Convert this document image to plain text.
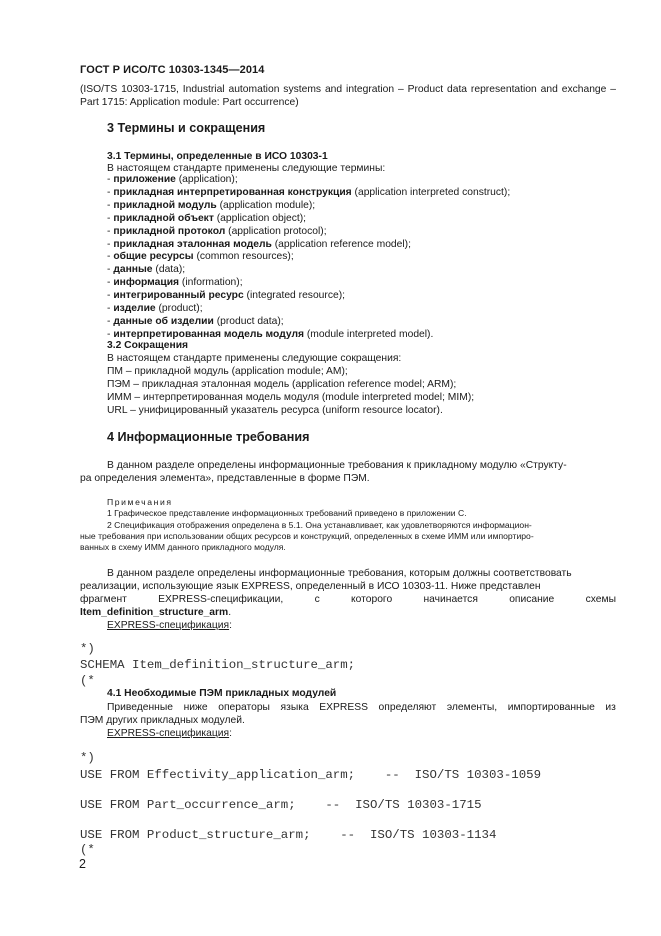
ГОСТ Р ИСО/ТС 10303-1345—2014
(ISO/TS 10303-1715, Industrial automation systems and integration – Product data representation and exchange – Part 1715: Application module: Part occurrence)
3 Термины и сокращения
3.1 Термины, определенные в ИСО 10303-1
В настоящем стандарте применены следующие термины:
- приложение (application);
- прикладная интерпретированная конструкция (application interpreted construct);
- прикладной модуль (application module);
- прикладной объект (application object);
- прикладной протокол (application protocol);
- прикладная эталонная модель (application reference model);
- общие ресурсы (common resources);
- данные (data);
- информация (information);
- интегрированный ресурс (integrated resource);
- изделие (product);
- данные об изделии (product data);
- интерпретированная модель модуля (module interpreted model).
3.2 Сокращения
В настоящем стандарте применены следующие сокращения:
ПМ – прикладной модуль (application module; AM);
ПЭМ – прикладная эталонная модель (application reference model; ARM);
ИММ – интерпретированная модель модуля (module interpreted model; MIM);
URL – унифицированный указатель ресурса (uniform resource locator).
4 Информационные требования
В данном разделе определены информационные требования к прикладному модулю «Структу-
ра определения элемента», представленные в форме ПЭМ.
Примечания
1 Графическое представление информационных требований приведено в приложении С.
2 Спецификация отображения определена в 5.1. Она устанавливает, как удовлетворяются информацион-
ные требования при использовании общих ресурсов и конструкций, определенных в схеме ИММ или импортиро-
ванных в схему ИММ данного прикладного модуля.
В данном разделе определены информационные требования, которым должны соответствовать
реализации, использующие язык EXPRESS, определенный в ИСО 10303-11. Ниже представлен
фрагмент	EXPRESS-спецификации,	с	которого	начинается	описание	схемы
Item_definition_structure_arm.
EXPRESS-спецификация:
*)
SCHEMA Item_definition_structure_arm;
(*
4.1 Необходимые ПЭМ прикладных модулей
Приведенные ниже операторы языка EXPRESS определяют элементы, импортированные из
ПЭМ других прикладных модулей.
EXPRESS-спецификация:
*)
USE FROM Effectivity_application_arm;    --  ISO/TS 10303-1059
USE FROM Part_occurrence_arm;    --  ISO/TS 10303-1715
USE FROM Product_structure_arm;    --  ISO/TS 10303-1134
(*
2
